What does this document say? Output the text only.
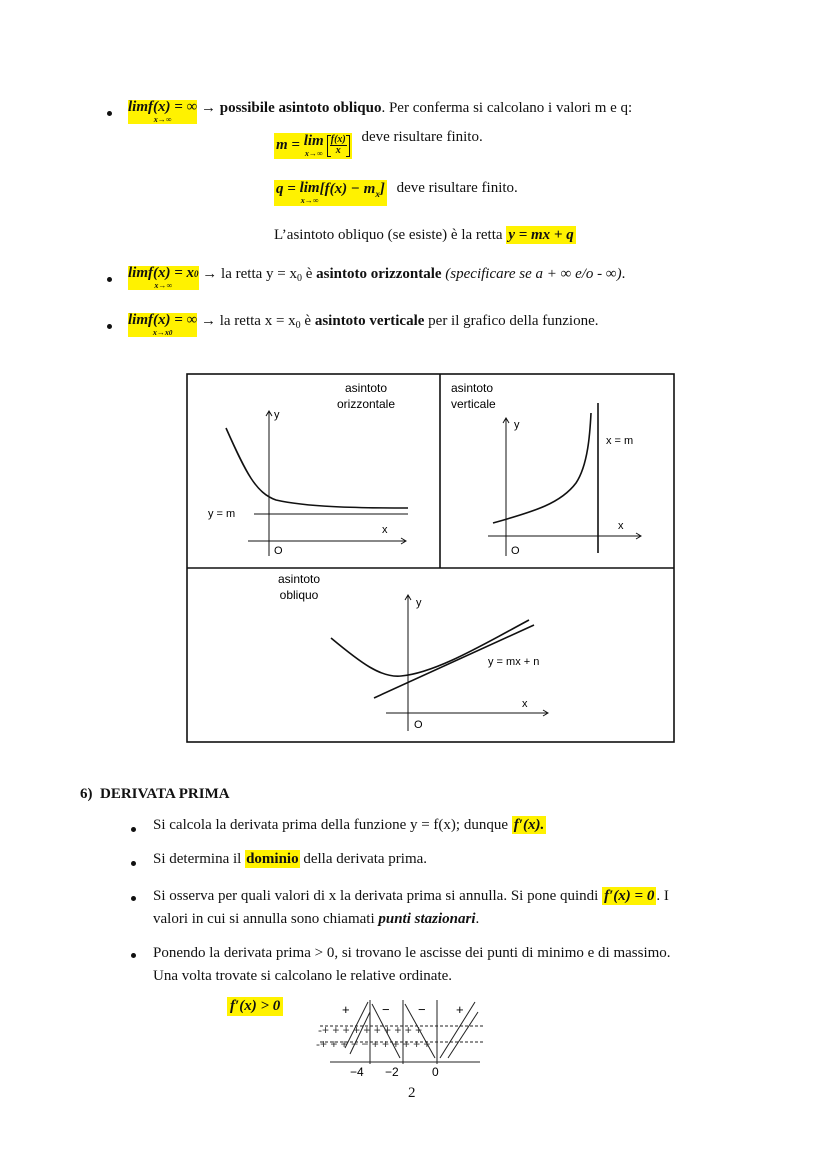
limf(x) = ∞
x→∞
→ possibile asintoto obliquo. Per conferma si calcolano i valori m e q:
m =
lim
$x\to\infty \frac{f(x)}{x}$ deve risultare finito.
q =
lim
x→∞
[f(x) − m x ] deve risultare finito.
L’asintoto obliquo (se esiste) è la retta y = mx + q
limf(x) = x0
x→∞
→ la retta $y = x_0$ è asintoto orizzontale (specificare se a + ∞ e/o - ∞).
limf(x) = ∞
x→x0
→ la retta $x = x_0$ è asintoto verticale per il grafico della funzione.
asintoto
orizzontale
y
x
O
y = m
asintoto
verticale
y
x
O
x = m
asintoto
obliquo
y
x
O
y = mx + n
6) DERIVATA PRIMA
Si calcola la derivata prima della funzione y = f(x); dunque f′(x).
Si determina il dominio della derivata prima.
Si osserva per quali valori di x la derivata prima si annulla. Si pone quindi f′(x) = 0 . I
valori in cui si annulla sono chiamati punti stazionari.
Ponendo la derivata prima > 0, si trovano le ascisse dei punti di minimo e di massimo.
Una volta trovate si calcolano le relative ordinate.
f′(x) > 0	+ − − +
-+ + + + + + + + + +
-+ + + − − + + + + + +
−4 −2	0
2
